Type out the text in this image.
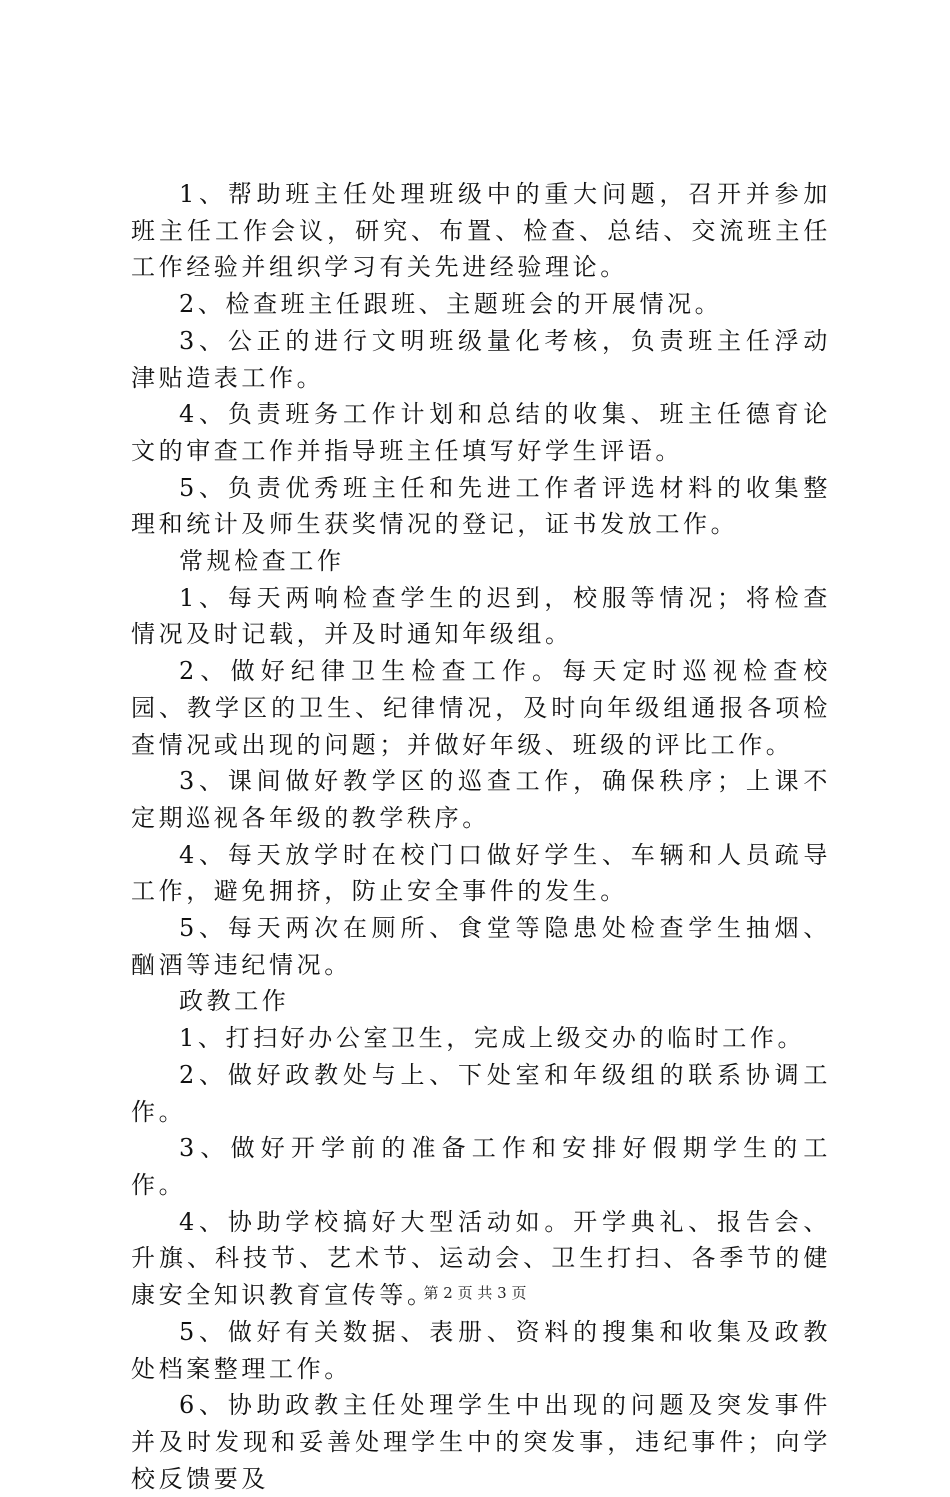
1、帮助班主任处理班级中的重大问题，召开并参加班主任工作会议，研究、布置、检查、总结、交流班主任工作经验并组织学习有关先进经验理论。

2、检查班主任跟班、主题班会的开展情况。

3、公正的进行文明班级量化考核，负责班主任浮动津贴造表工作。

4、负责班务工作计划和总结的收集、班主任德育论文的审查工作并指导班主任填写好学生评语。

5、负责优秀班主任和先进工作者评选材料的收集整理和统计及师生获奖情况的登记，证书发放工作。

常规检查工作

1、每天两响检查学生的迟到，校服等情况；将检查情况及时记载，并及时通知年级组。

2、做好纪律卫生检查工作。每天定时巡视检查校园、教学区的卫生、纪律情况，及时向年级组通报各项检查情况或出现的问题；并做好年级、班级的评比工作。

3、课间做好教学区的巡查工作，确保秩序；上课不定期巡视各年级的教学秩序。

4、每天放学时在校门口做好学生、车辆和人员疏导工作，避免拥挤，防止安全事件的发生。

5、每天两次在厕所、食堂等隐患处检查学生抽烟、酗酒等违纪情况。

政教工作

1、打扫好办公室卫生，完成上级交办的临时工作。

2、做好政教处与上、下处室和年级组的联系协调工作。

3、做好开学前的准备工作和安排好假期学生的工作。

4、协助学校搞好大型活动如。开学典礼、报告会、升旗、科技节、艺术节、运动会、卫生打扫、各季节的健康安全知识教育宣传等。

5、做好有关数据、表册、资料的搜集和收集及政教处档案整理工作。

6、协助政教主任处理学生中出现的问题及突发事件并及时发现和妥善处理学生中的突发事，违纪事件；向学校反馈要及

第 2 页 共 3 页
